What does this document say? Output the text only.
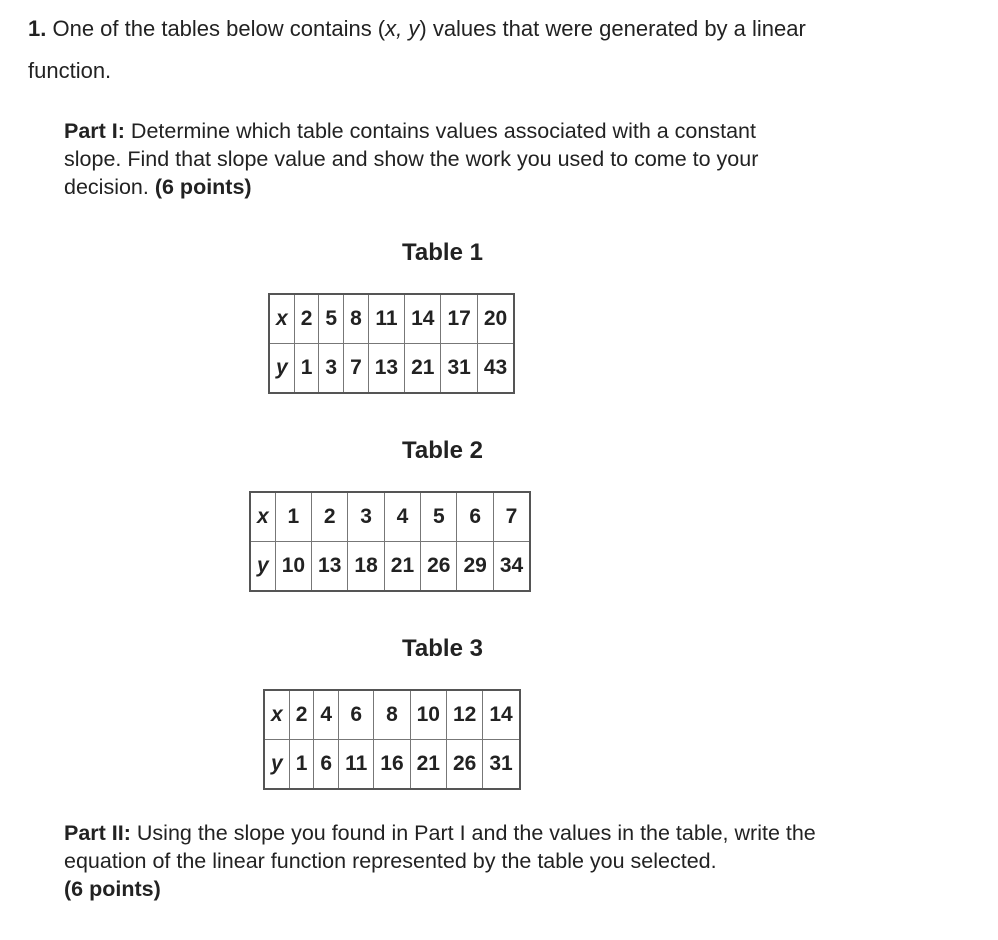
1. One of the tables below contains (x, y) values that were generated by a linear
function.
Part I: Determine which table contains values associated with a constant
slope. Find that slope value and show the work you used to come to your
decision. (6 points)
Table 1
x	2	5	8	11	14	17	20
y	1	3	7	13	21	31	43
Table 2
x	1	2	3	4	5	6	7
y	10	13	18	21	26	29	34
Table 3
x	2	4	6	8	10	12	14
y	1	6	11	16	21	26	31
Part II: Using the slope you found in Part I and the values in the table, write the
equation of the linear function represented by the table you selected.
(6 points)
